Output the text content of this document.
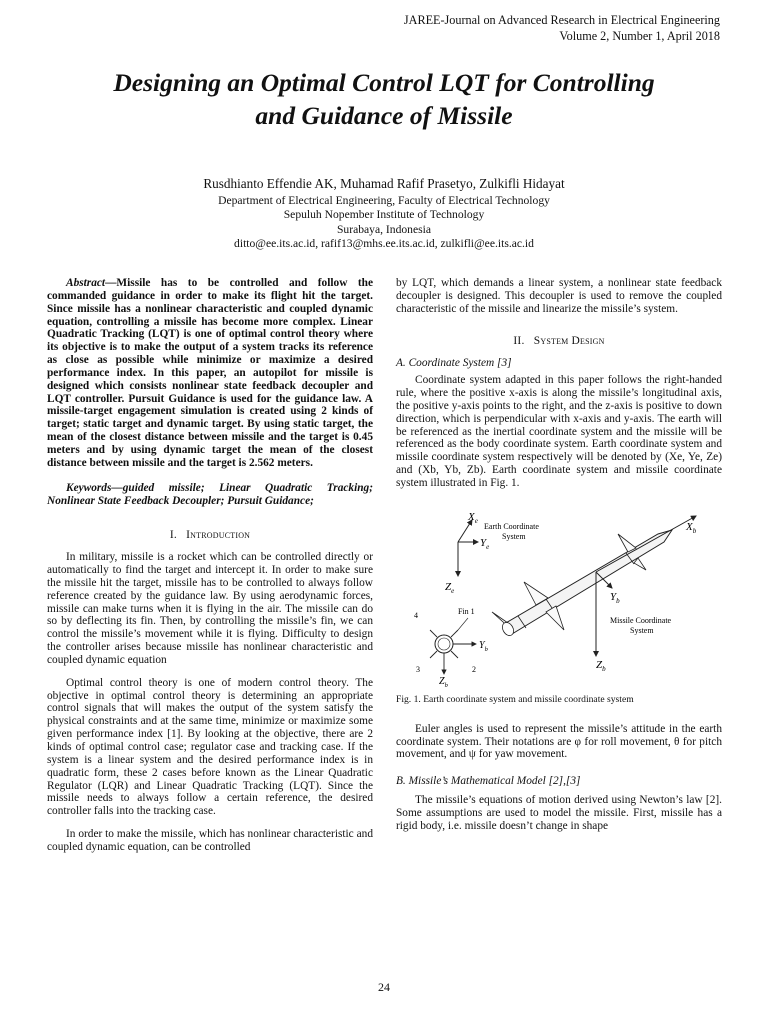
JAREE-Journal on Advanced Research in Electrical Engineering
Volume 2, Number 1, April 2018
Designing an Optimal Control LQT for Controlling
and Guidance of Missile
Rusdhianto Effendie AK, Muhamad Rafif Prasetyo, Zulkifli Hidayat
Department of Electrical Engineering, Faculty of Electrical Technology
Sepuluh Nopember Institute of Technology
Surabaya, Indonesia
ditto@ee.its.ac.id, rafif13@mhs.ee.its.ac.id, zulkifli@ee.its.ac.id

Abstract—Missile has to be controlled and follow the commanded guidance in order to make its flight hit the target. Since missile has a nonlinear characteristic and coupled dynamic equation, controlling a missile has become more complex. Linear Quadratic Tracking (LQT) is one of optimal control theory where its objective is to make the output of a system tracks its reference as close as possible while minimize or maximize a desired performance index. In this paper, an autopilot for missile is designed which consists nonlinear state feedback decoupler and LQT controller. Pursuit Guidance is used for the guidance law. A missile-target engagement simulation is created using 2 kinds of target; static target and dynamic target. By using static target, the mean of the closest distance between missile and the target is 0.45 meters and by using dynamic target the mean of the closest distance between missile and the target is 2.562 meters.

Keywords—guided missile; Linear Quadratic Tracking; Nonlinear State Feedback Decoupler; Pursuit Guidance;

I. Introduction

In military, missile is a rocket which can be controlled directly or automatically to find the target and intercept it. In order to make sure the missile hit the target, missile has to be controlled to always follow reference created by the guidance law. By using aerodynamic forces, missile can make turns when it is flying in the air. The missile can do so by deflecting its fin. Then, by controlling the missile’s fin, we can control the missile’s movement while it is flying. Difficulty to design the controller arises because missile has nonlinear characteristic and coupled dynamic equation

Optimal control theory is one of modern control theory. The objective in optimal control theory is determining an appropriate control signals that will makes the output of the system satisfy the physical constraints and at the same time, minimize or maximize some given performance index [1]. By looking at the objective, there are 2 kinds of optimal control case; regulator case and tracking case. If the system is a linear system and the desired performance index is in quadratic form, these 2 cases before known as the Linear Quadratic Regulator (LQR) and Linear Quadratic Tracking (LQT). Since the missile needs to always follow a certain reference, the desired controller falls into the tracking case.

In order to make the missile, which has nonlinear characteristic and coupled dynamic equation, can be controlled

by LQT, which demands a linear system, a nonlinear state feedback decoupler is designed. This decoupler is used to remove the coupled characteristic of the missile and linearize the missile’s system.

II. System Design

A. Coordinate System [3]

Coordinate system adapted in this paper follows the right-handed rule, where the positive x-axis is along the missile’s longitudinal axis, the positive y-axis points to the right, and the z-axis is positive to down direction, which is perpendicular with x-axis and y-axis. The earth will be referenced as the inertial coordinate system and the missile will be referenced as the body coordinate system. Earth coordinate system and missile coordinate system respectively will be denoted by (Xe, Ye, Ze) and (Xb, Yb, Zb). Earth coordinate system and missile coordinate system illustrated in Fig. 1.

$X_e$
$Y_e$
$Z_e$
Earth Coordinate
System
$X_b$
$Y_b$
$Z_b$
Missile Coordinate
System
Fin 1
4
3	2
$Y_b$
$Z_b$

Fig. 1. Earth coordinate system and missile coordinate system

Euler angles is used to represent the missile’s attitude in the earth coordinate system. Their notations are φ for roll movement, θ for pitch movement, and ψ for yaw movement.

B. Missile’s Mathematical Model [2],[3]

The missile’s equations of motion derived using Newton’s law [2]. Some assumptions are used to model the missile. First, missile has a rigid body, i.e. missile doesn’t change in shape

24
